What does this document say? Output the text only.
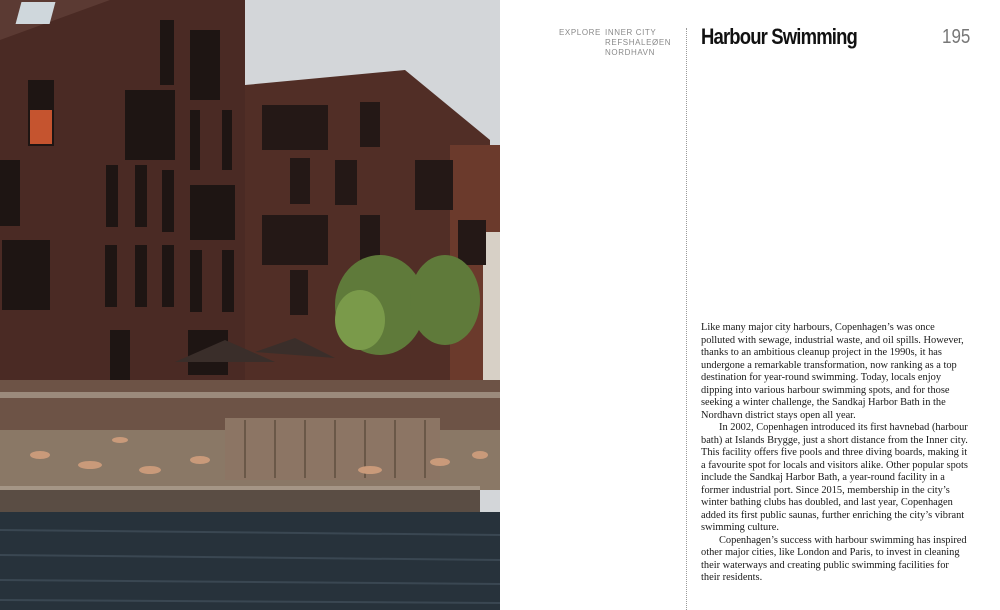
EXPLORE INNER CITY
REFSHALEØEN
NORDHAVN
Harbour Swimming	195

Like many major city harbours, Copenhagen’s was once polluted with sewage, industrial waste, and oil spills. However, thanks to an ambitious cleanup project in the 1990s, it has undergone a remarkable transformation, now ranking as a top destination for year-round swimming. Today, locals enjoy dipping into various harbour swimming spots, and for those seeking a winter challenge, the Sandkaj Harbor Bath in the Nordhavn district stays open all year.

In 2002, Copenhagen introduced its first havnebad (harbour bath) at Islands Brygge, just a short distance from the Inner city. This facility offers five pools and three diving boards, making it a favourite spot for locals and visitors alike. Other popular spots include the Sandkaj Harbor Bath, a year-round facility in a former industrial port. Since 2015, membership in the city’s winter bathing clubs has doubled, and last year, Copenhagen added its first public saunas, further enriching the city’s vibrant swimming culture.

Copenhagen’s success with harbour swimming has inspired other major cities, like London and Paris, to invest in cleaning their waterways and creating public swimming facilities for their residents.
